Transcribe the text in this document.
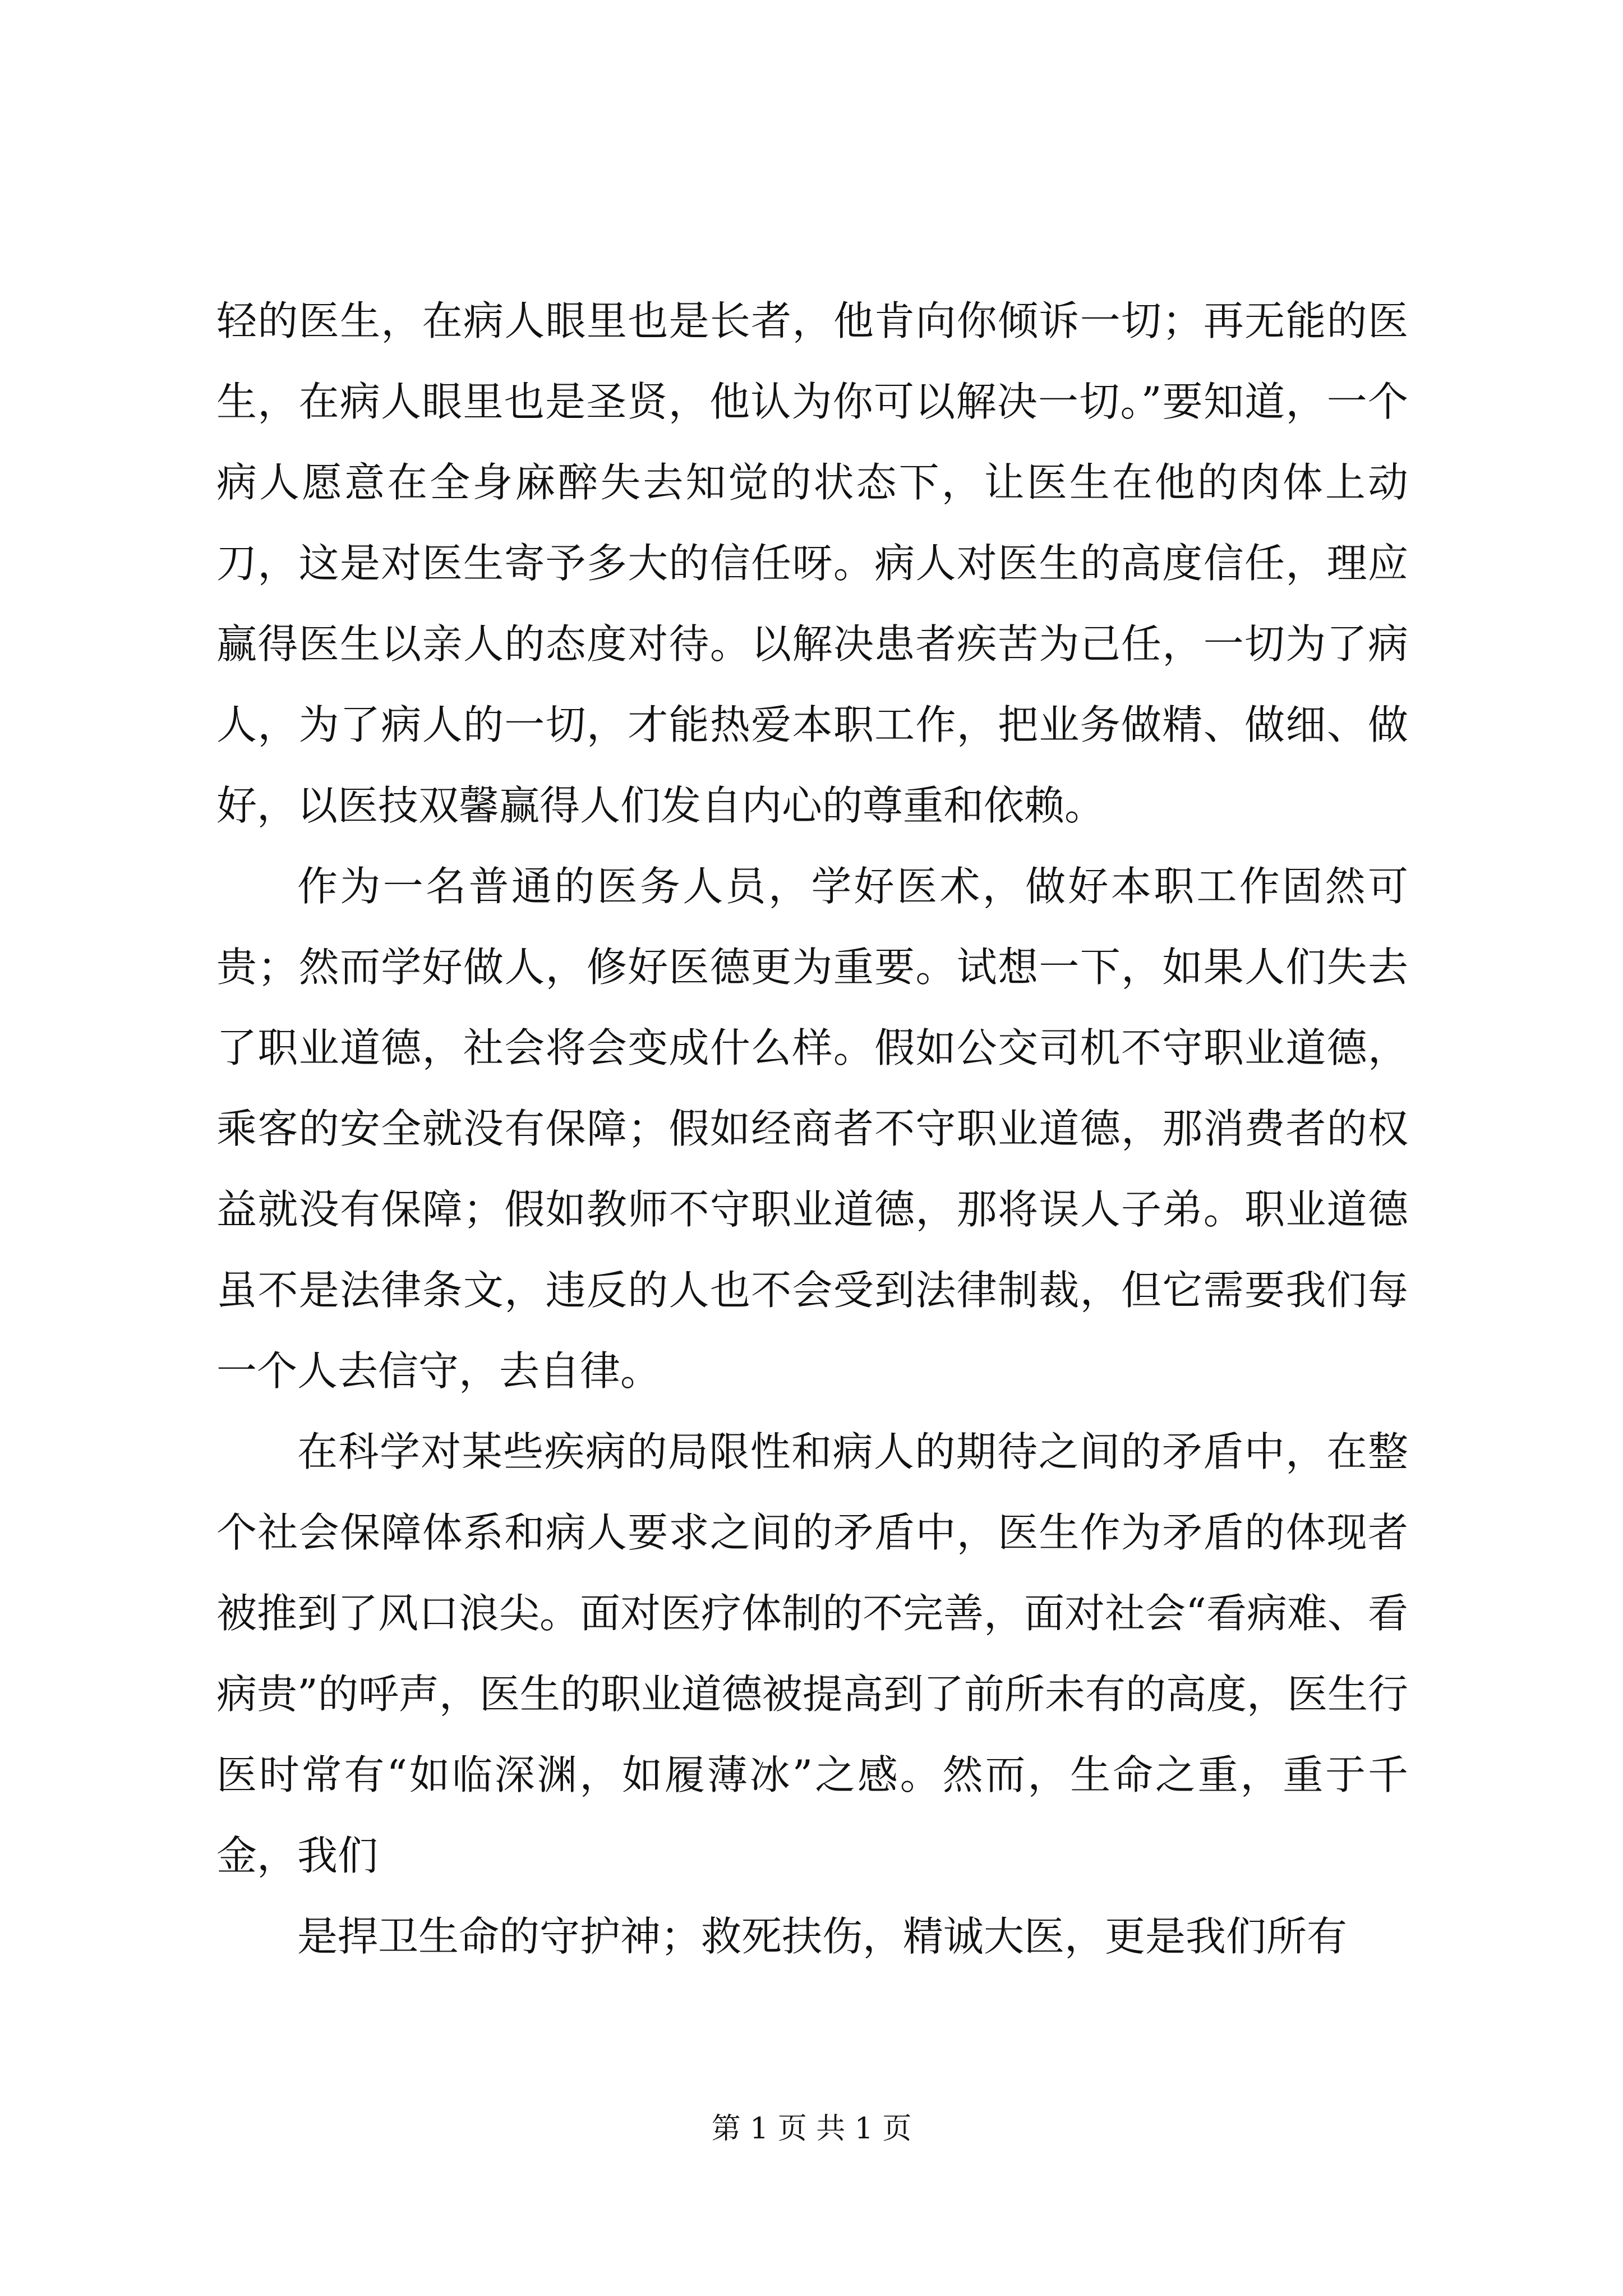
轻的医生，在病人眼里也是长者，他肯向你倾诉一切；再无能的医生，在病人眼里也是圣贤，他认为你可以解决一切。”要知道，一个病人愿意在全身麻醉失去知觉的状态下，让医生在他的肉体上动刀，这是对医生寄予多大的信任呀。病人对医生的高度信任，理应赢得医生以亲人的态度对待。以解决患者疾苦为己任，一切为了病人，为了病人的一切，才能热爱本职工作，把业务做精、做细、做好，以医技双馨赢得人们发自内心的尊重和依赖。

作为一名普通的医务人员，学好医术，做好本职工作固然可贵；然而学好做人，修好医德更为重要。试想一下，如果人们失去了职业道德，社会将会变成什么样。假如公交司机不守职业道德，乘客的安全就没有保障；假如经商者不守职业道德，那消费者的权益就没有保障；假如教师不守职业道德，那将误人子弟。职业道德虽不是法律条文，违反的人也不会受到法律制裁，但它需要我们每一个人去信守，去自律。

在科学对某些疾病的局限性和病人的期待之间的矛盾中，在整个社会保障体系和病人要求之间的矛盾中，医生作为矛盾的体现者被推到了风口浪尖。面对医疗体制的不完善，面对社会“看病难、看病贵”的呼声，医生的职业道德被提高到了前所未有的高度，医生行医时常有“如临深渊，如履薄冰”之感。然而，生命之重，重于千金，我们

是捍卫生命的守护神；救死扶伤，精诚大医，更是我们所有

第 1 页 共 1 页
